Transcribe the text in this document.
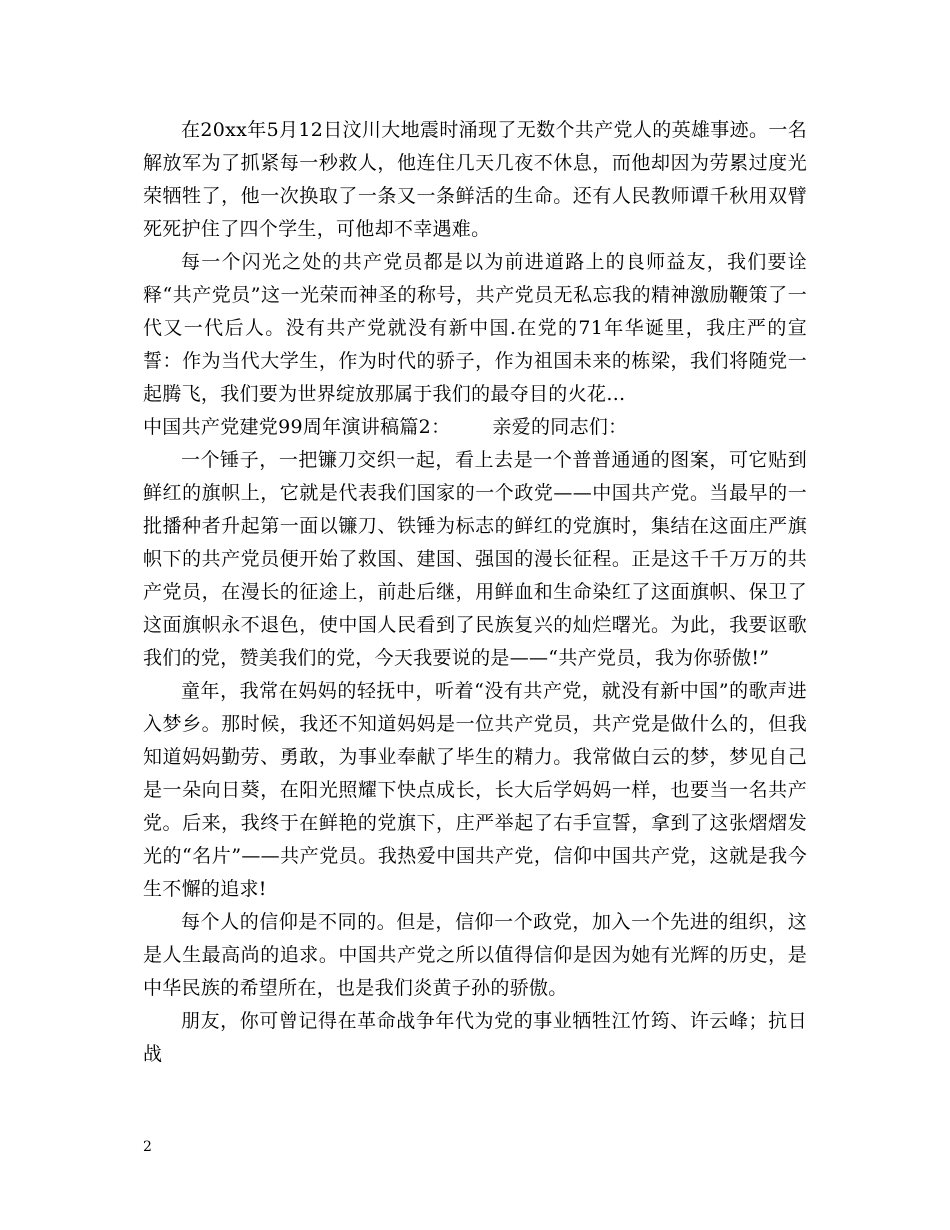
在20xx年5月12日汶川大地震时涌现了无数个共产党人的英雄事迹。一名解放军为了抓紧每一秒救人，他连住几天几夜不休息，而他却因为劳累过度光荣牺牲了，他一次换取了一条又一条鲜活的生命。还有人民教师谭千秋用双臂死死护住了四个学生，可他却不幸遇难。

每一个闪光之处的共产党员都是以为前进道路上的良师益友，我们要诠释“共产党员”这一光荣而神圣的称号，共产党员无私忘我的精神激励鞭策了一代又一代后人。没有共产党就没有新中国.在党的71年华诞里，我庄严的宣誓：作为当代大学生，作为时代的骄子，作为祖国未来的栋梁，我们将随党一起腾飞，我们要为世界绽放那属于我们的最夺目的火花…

中国共产党建党99周年演讲稿篇2： 亲爱的同志们：

一个锤子，一把镰刀交织一起，看上去是一个普普通通的图案，可它贴到鲜红的旗帜上，它就是代表我们国家的一个政党——中国共产党。当最早的一批播种者升起第一面以镰刀、铁锤为标志的鲜红的党旗时，集结在这面庄严旗帜下的共产党员便开始了救国、建国、强国的漫长征程。正是这千千万万的共产党员，在漫长的征途上，前赴后继，用鲜血和生命染红了这面旗帜、保卫了这面旗帜永不退色，使中国人民看到了民族复兴的灿烂曙光。为此，我要讴歌我们的党，赞美我们的党，今天我要说的是——“共产党员，我为你骄傲!”

童年，我常在妈妈的轻抚中，听着“没有共产党，就没有新中国”的歌声进入梦乡。那时候，我还不知道妈妈是一位共产党员，共产党是做什么的，但我知道妈妈勤劳、勇敢，为事业奉献了毕生的精力。我常做白云的梦，梦见自己是一朵向日葵，在阳光照耀下快点成长，长大后学妈妈一样，也要当一名共产党。后来，我终于在鲜艳的党旗下，庄严举起了右手宣誓，拿到了这张熠熠发光的“名片”——共产党员。我热爱中国共产党，信仰中国共产党，这就是我今生不懈的追求!

每个人的信仰是不同的。但是，信仰一个政党，加入一个先进的组织，这是人生最高尚的追求。中国共产党之所以值得信仰是因为她有光辉的历史，是中华民族的希望所在，也是我们炎黄子孙的骄傲。

朋友，你可曾记得在革命战争年代为党的事业牺牲江竹筠、许云峰；抗日战

2
